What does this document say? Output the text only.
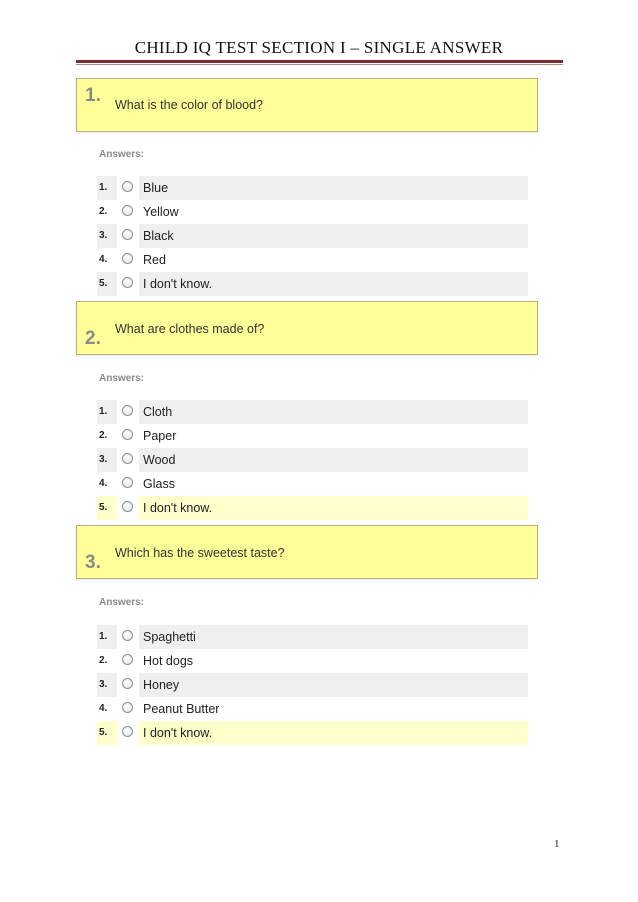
CHILD IQ TEST SECTION I – SINGLE ANSWER
1. What is the color of blood?
Answers:
1.	Blue
2.	Yellow
3.	Black
4.	Red
5.	I don't know.
2. What are clothes made of?
Answers:
1.	Cloth
2.	Paper
3.	Wood
4.	Glass
5.	I don't know.
3. Which has the sweetest taste?
Answers:
1.	Spaghetti
2.	Hot dogs
3.	Honey
4.	Peanut Butter
5.	I don't know.
1
